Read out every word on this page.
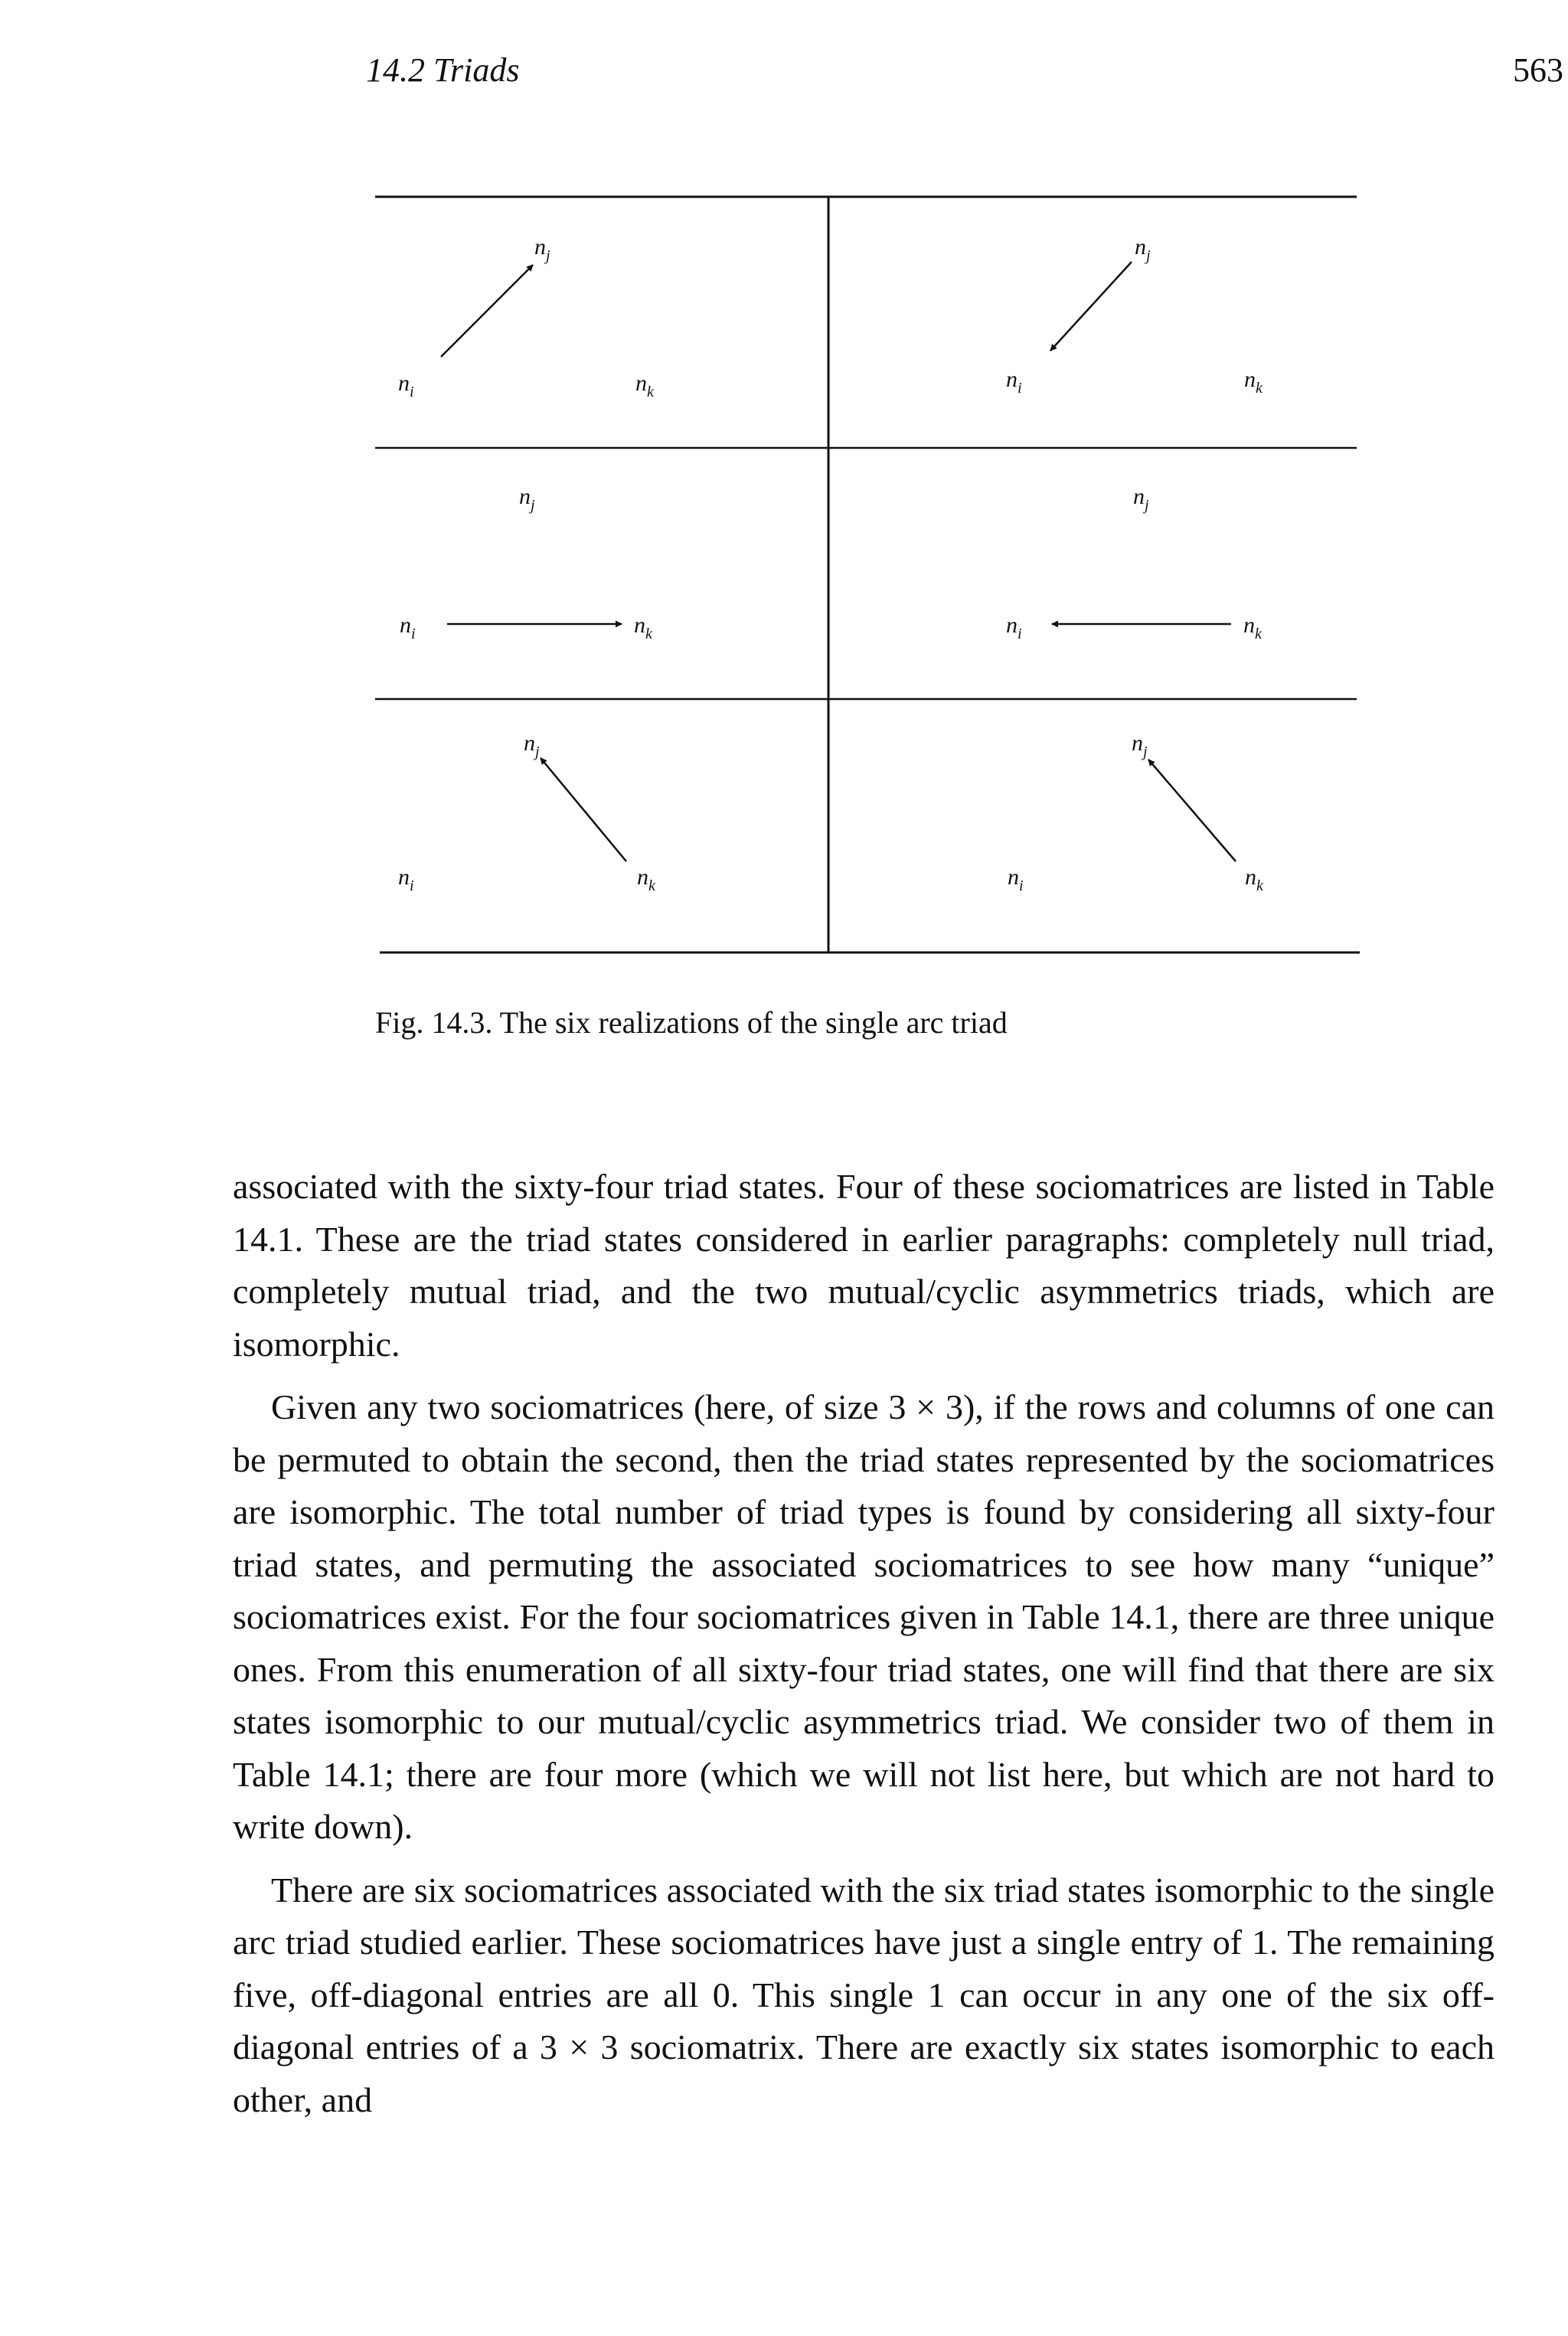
14.2 Triads	563
$n_j$
$n_i$	$n_k$
$n_j$
$n_i$	$n_k$
$n_j$
$n_i$	$n_k$
$n_j$
$n_i$	$n_k$
$n_j$
$n_i$	$n_k$
$n_j$
$n_i$	$n_k$
Fig. 14.3. The six realizations of the single arc triad

associated with the sixty-four triad states. Four of these sociomatrices are listed in Table 14.1. These are the triad states considered in earlier paragraphs: completely null triad, completely mutual triad, and the two mutual/cyclic asymmetrics triads, which are isomorphic.

Given any two sociomatrices (here, of size 3 × 3), if the rows and columns of one can be permuted to obtain the second, then the triad states represented by the sociomatrices are isomorphic. The total number of triad types is found by considering all sixty-four triad states, and permuting the associated sociomatrices to see how many “unique” sociomatrices exist. For the four sociomatrices given in Table 14.1, there are three unique ones. From this enumeration of all sixty-four triad states, one will find that there are six states isomorphic to our mutual/cyclic asymmetrics triad. We consider two of them in Table 14.1; there are four more (which we will not list here, but which are not hard to write down).

There are six sociomatrices associated with the six triad states isomorphic to the single arc triad studied earlier. These sociomatrices have just a single entry of 1. The remaining five, off-diagonal entries are all 0. This single 1 can occur in any one of the six off-diagonal entries of a 3 × 3 sociomatrix. There are exactly six states isomorphic to each other, and
